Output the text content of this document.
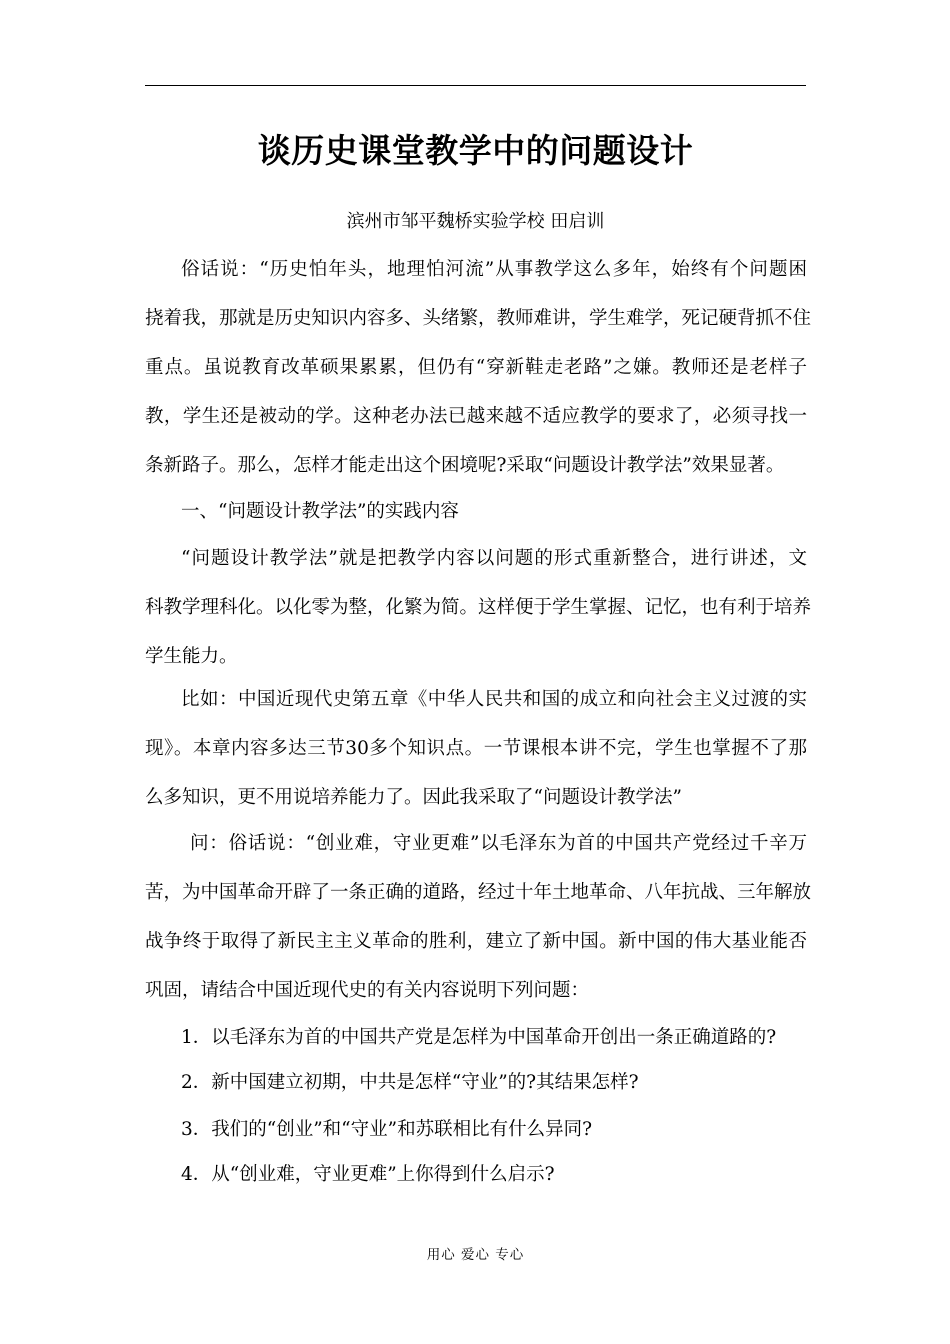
谈历史课堂教学中的问题设计
滨州市邹平魏桥实验学校 田启训
俗话说：“历史怕年头，地理怕河流”从事教学这么多年，始终有个问题困
挠着我，那就是历史知识内容多、头绪繁，教师难讲，学生难学，死记硬背抓不住
重点。虽说教育改革硕果累累，但仍有“穿新鞋走老路”之嫌。教师还是老样子
教，学生还是被动的学。这种老办法已越来越不适应教学的要求了，必须寻找一
条新路子。那么，怎样才能走出这个困境呢?采取“问题设计教学法”效果显著。
一、“问题设计教学法”的实践内容
“问题设计教学法”就是把教学内容以问题的形式重新整合，进行讲述，文
科教学理科化。以化零为整，化繁为简。这样便于学生掌握、记忆，也有利于培养
学生能力。
比如：中国近现代史第五章《中华人民共和国的成立和向社会主义过渡的实
现》。本章内容多达三节30多个知识点。一节课根本讲不完，学生也掌握不了那
么多知识，更不用说培养能力了。因此我采取了“问题设计教学法”
问：俗话说：“创业难，守业更难”以毛泽东为首的中国共产党经过千辛万
苦，为中国革命开辟了一条正确的道路，经过十年土地革命、八年抗战、三年解放
战争终于取得了新民主主义革命的胜利，建立了新中国。新中国的伟大基业能否
巩固，请结合中国近现代史的有关内容说明下列问题：
1．以毛泽东为首的中国共产党是怎样为中国革命开创出一条正确道路的?
2．新中国建立初期，中共是怎样“守业”的?其结果怎样?
3．我们的“创业”和“守业”和苏联相比有什么异同?
4．从“创业难，守业更难”上你得到什么启示?
用心 爱心 专心
